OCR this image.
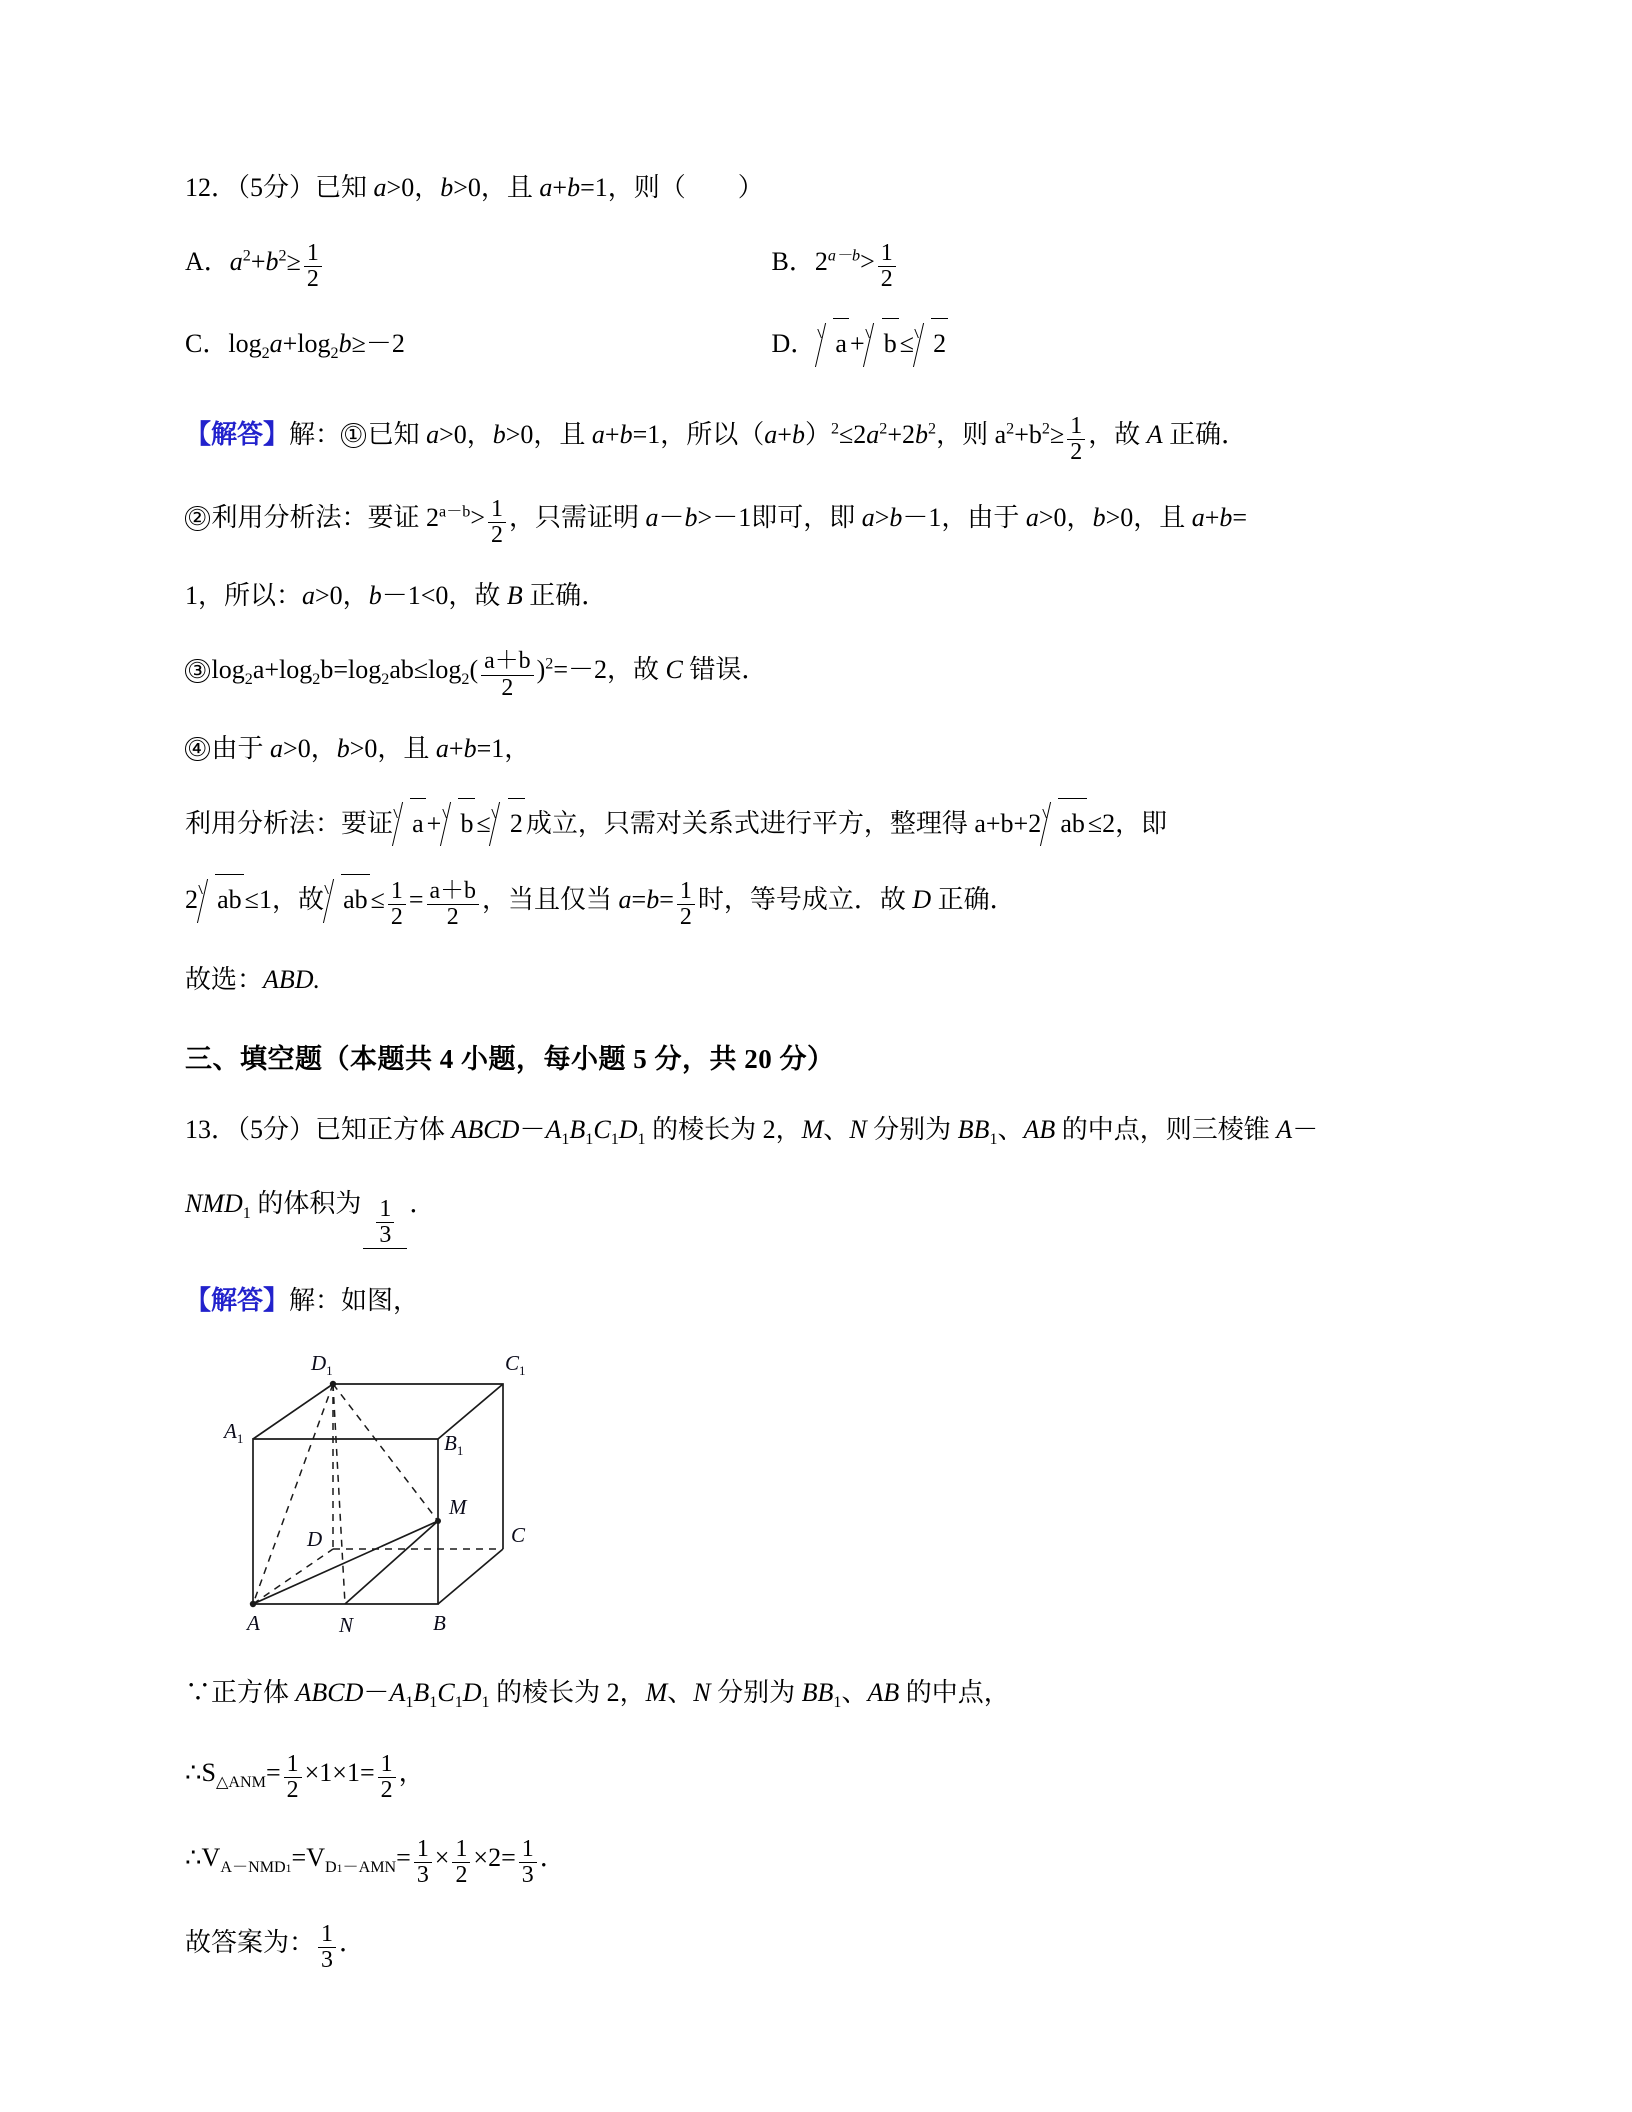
12．（5分）已知 a>0，b>0，且 a+b=1，则（　　）
A．$a^2+b^2\ge \frac{1}{2}$	B．$2^{a-b}> \frac{1}{2}$
C．$\log_2a+\log_2b\ge-2$	D． a + b ≤ 2
【解答】解： ① 已知 a>0，b>0，且 a+b=1，所以$(a+b)^2\le 2a^2+2b^2$，则 $a^2+b^2\ge \frac{1}{2}$ ，故 A 正确．
② 利用分析法：要证 $2^{a-b}> \frac{1}{2}$ ，只需证明 a－b>－1即可，即 a>b－1，由于 a>0，b>0，且 a+b=
1，所以：a>0，b－1<0，故 B 正确．
③ $\log_2a+\log_2b=\log_2ab\le\log_2( \frac{a+b}{2} )^2=-2$，故 C 错误．
④ 由于 a>0，b>0，且 a+b=1，
利用分析法：要证 a + b ≤ 2 成立，只需对关系式进行平方，整理得 a+b+2 ab ≤2，即
2 ab ≤1，故 ab ≤ $\frac{1}{2} = \frac{a+b}{2}$ ，当且仅当 $a=b= \frac{1}{2}$ 时，等号成立．故 D 正确．
故选：ABD.
三、填空题（本题共 4 小题，每小题 5 分，共 20 分）
13．（5分）已知正方体 $ABCD-A_1B_1C_1D_1$ 的棱长为 2，M、N 分别为 $BB_1$、AB 的中点，则三棱锥 A－
$NMD_1$ 的体积为 $\frac{1}{3}$ ．
【解答】解：如图，
$D_1$	$C_1$
$A_1$	$B_1$
M
D	C
A	N	B
∵正方体 $ABCD-A_1B_1C_1D_1$ 的棱长为 2，M、N 分别为 $BB_1$、AB 的中点，
$\therefore S_{\triangle ANM}= \frac{1}{2} \times 1\times 1= \frac{1}{2}$ ，
$\therefore V_{A-NMD1}=V_{D1-AMN}= \frac{1}{3} \times \frac{1}{2} \times 2= \frac{1}{3}$ ．
故答案为： $\frac{1}{3}$ ．
